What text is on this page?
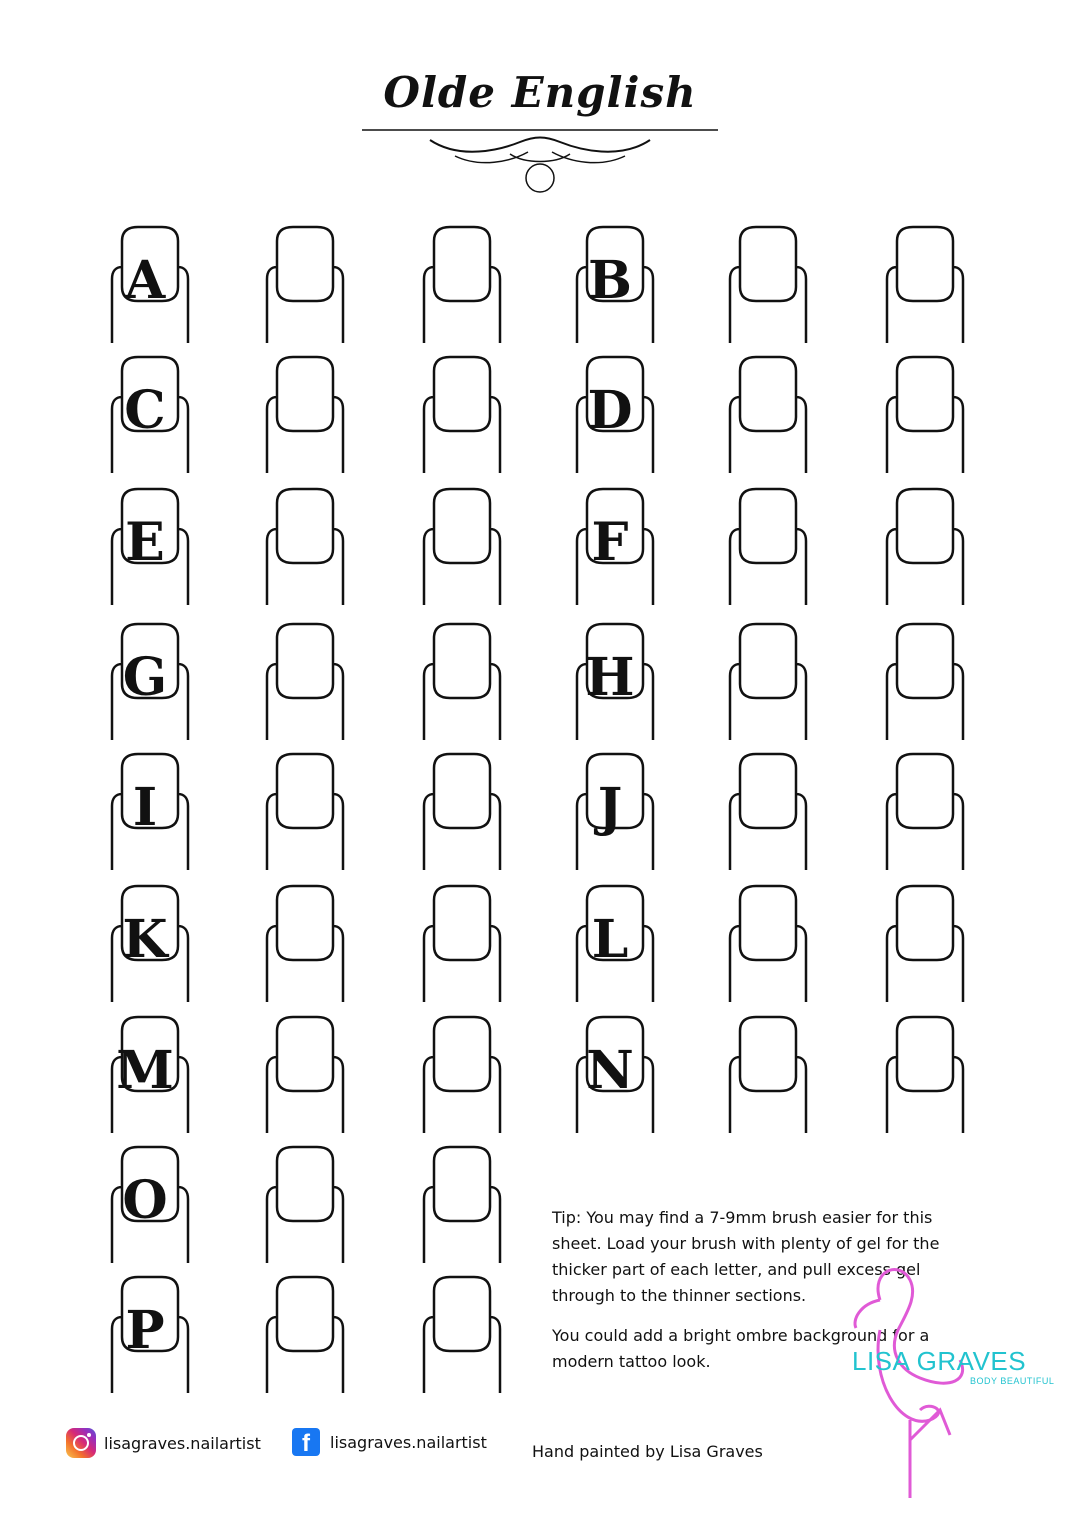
Olde English
A	B
C	D
E	F
G	H
I	J
K	L
M	N
O
P

Tip: You may find a 7-9mm brush easier for this sheet. Load your brush with plenty of gel for the thicker part of each letter, and pull excess gel through to the thinner sections.

You could add a bright ombre background for a modern tattoo look.	LISA GRAVES
BODY BEAUTIFUL
lisagraves.nailartist	f	lisagraves.nailartist	Hand painted by Lisa Graves
